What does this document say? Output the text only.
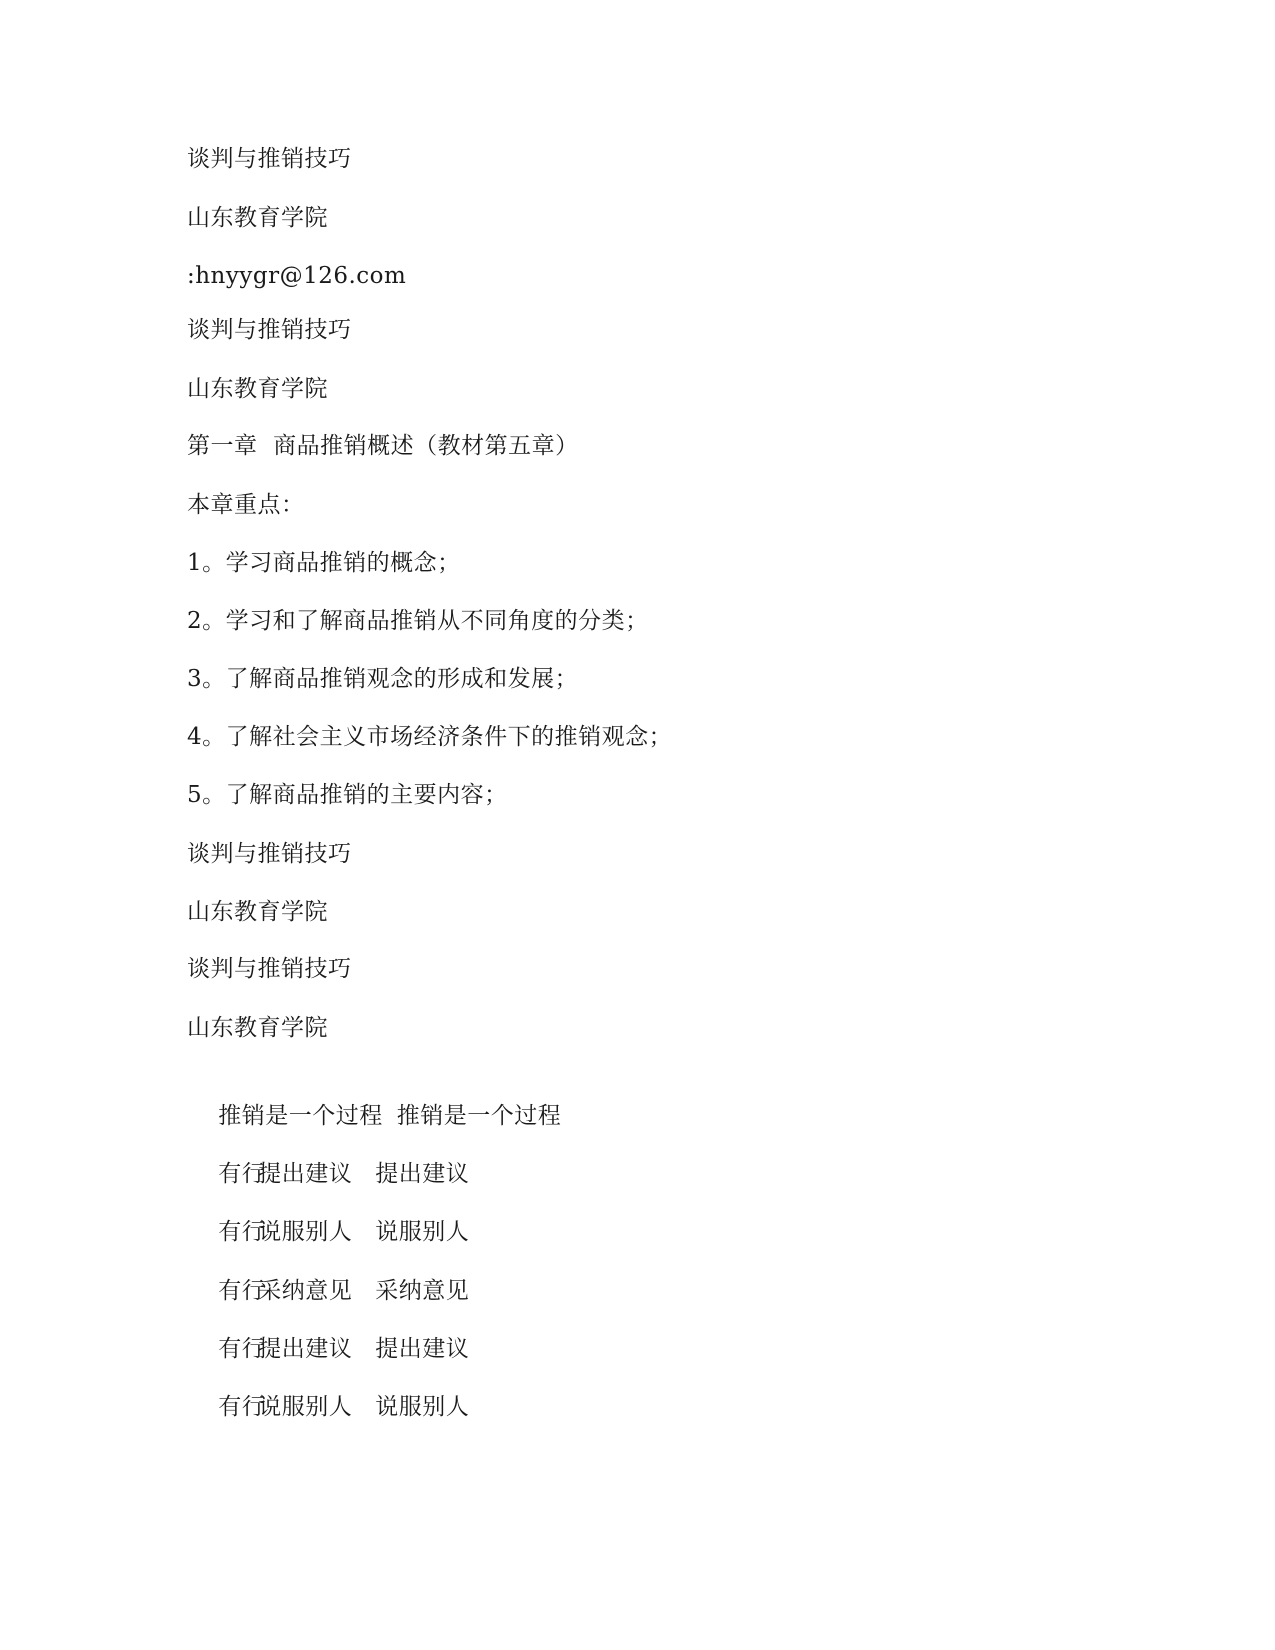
谈判与推销技巧
山东教育学院
:hnyygr@126.com
谈判与推销技巧
山东教育学院
第一章  商品推销概述（教材第五章）
本章重点：
1。学习商品推销的概念；
2。学习和了解商品推销从不同角度的分类；
3。了解商品推销观念的形成和发展；
4。了解社会主义市场经济条件下的推销观念；
5。了解商品推销的主要内容；
谈判与推销技巧
山东教育学院
谈判与推销技巧
山东教育学院

推销是一个过程 推销是一个过程

有行
提出建议 提出建议

有行
说服别人 说服别人

有行
采纳意见 采纳意见

有行
提出建议 提出建议

有行
说服别人 说服别人
